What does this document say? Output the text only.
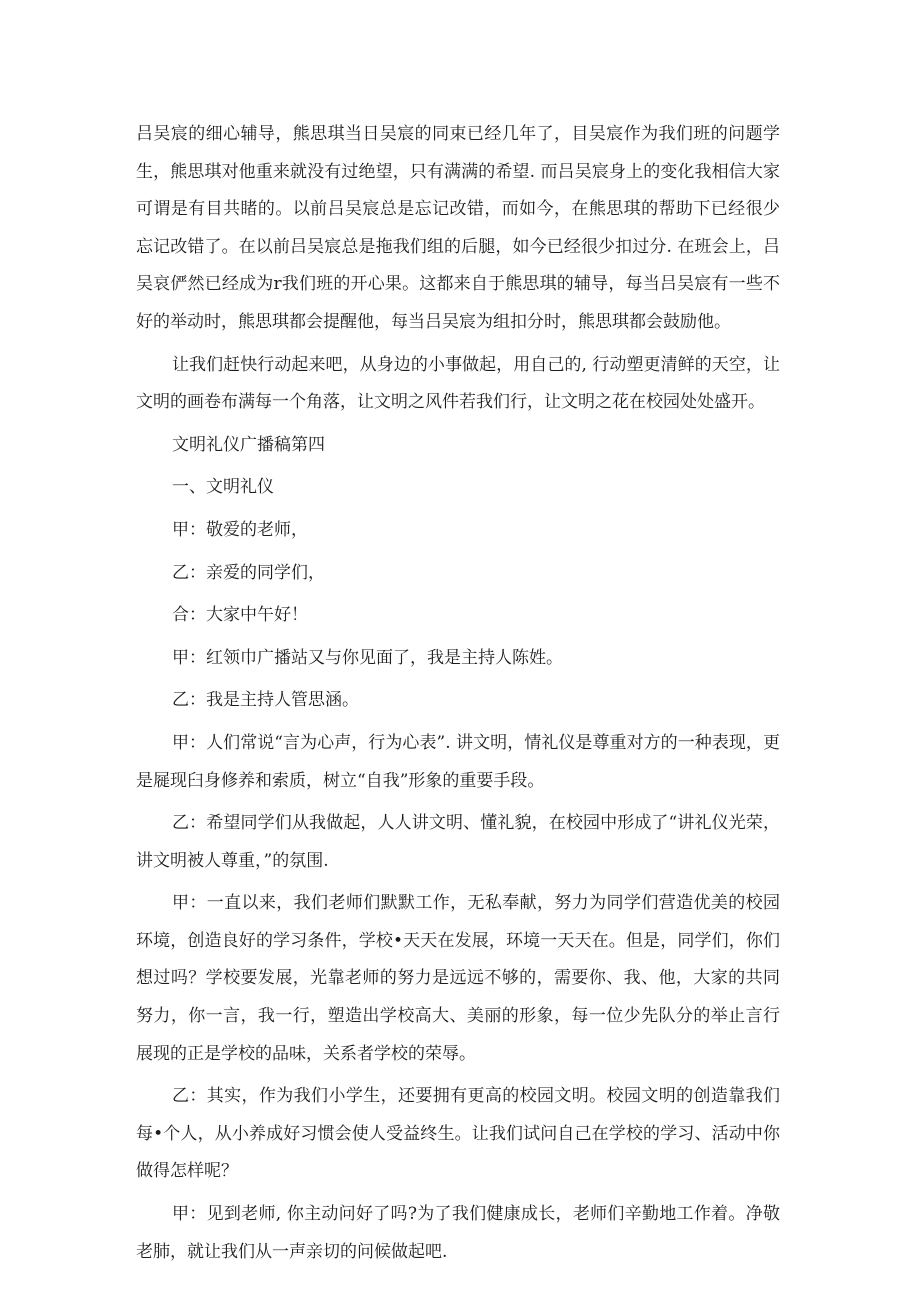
吕吴宸的细心辅导，熊思琪当日吴宸的同束已经几年了，目吴宸作为我们班的问题学生，熊思琪对他重来就没有过绝望，只有满满的希望. 而吕吴宸身上的变化我相信大家可谓是有目共睹的。以前吕吴宸总是忘记改错，而如今，在熊思琪的帮助下已经很少忘记改错了。在以前吕吴宸总是拖我们组的后腿，如今已经很少扣过分. 在班会上，吕吴哀俨然已经成为r我们班的开心果。这都来自于熊思琪的辅导，每当吕吴宸有一些不好的举动时，熊思琪都会提醒他，每当吕吴宸为组扣分时，熊思琪都会鼓励他。

让我们赶快行动起来吧，从身边的小事做起，用自己的, 行动塑更清鲜的天空，让文明的画卷布满每一个角落，让文明之风件若我们行，让文明之花在校园处处盛开。

文明礼仪广播稿第四

一、文明礼仪

甲：敬爱的老师，

乙：亲爱的同学们，

合：大家中午好！

甲：红领巾广播站又与你见面了，我是主持人陈姓。

乙：我是主持人管思涵。

甲：人们常说“言为心声，行为心表”. 讲文明，情礼仪是尊重对方的一种表现，更是屣现臼身修养和索质，树立“自我”形象的重要手段。

乙：希望同学们从我做起，人人讲文明、懂礼貌，在校园中形成了“讲礼仪光荣，讲文明被人尊重，”的氛围.

甲：一直以来，我们老师们默默工作，无私奉献，努力为同学们营造优美的校园环境，创造良好的学习条件，学校•天天在发展，环境一天天在。但是，同学们，你们想过吗？学校要发展，光靠老师的努力是远远不够的，需要你、我、他，大家的共同努力，你一言，我一行，塑造出学校高大、美丽的形象，每一位少先队分的举止言行展现的正是学校的品味，关系者学校的荣辱。

乙：其实，作为我们小学生，还要拥有更高的校园文明。校园文明的创造靠我们每•个人，从小养成好习惯会使人受益终生。让我们试问自己在学校的学习、活动中你做得怎样呢？

甲：见到老师, 你主动问好了吗?为了我们健康成长，老师们辛勤地工作着。净敬老肺，就让我们从一声亲切的问候做起吧.
